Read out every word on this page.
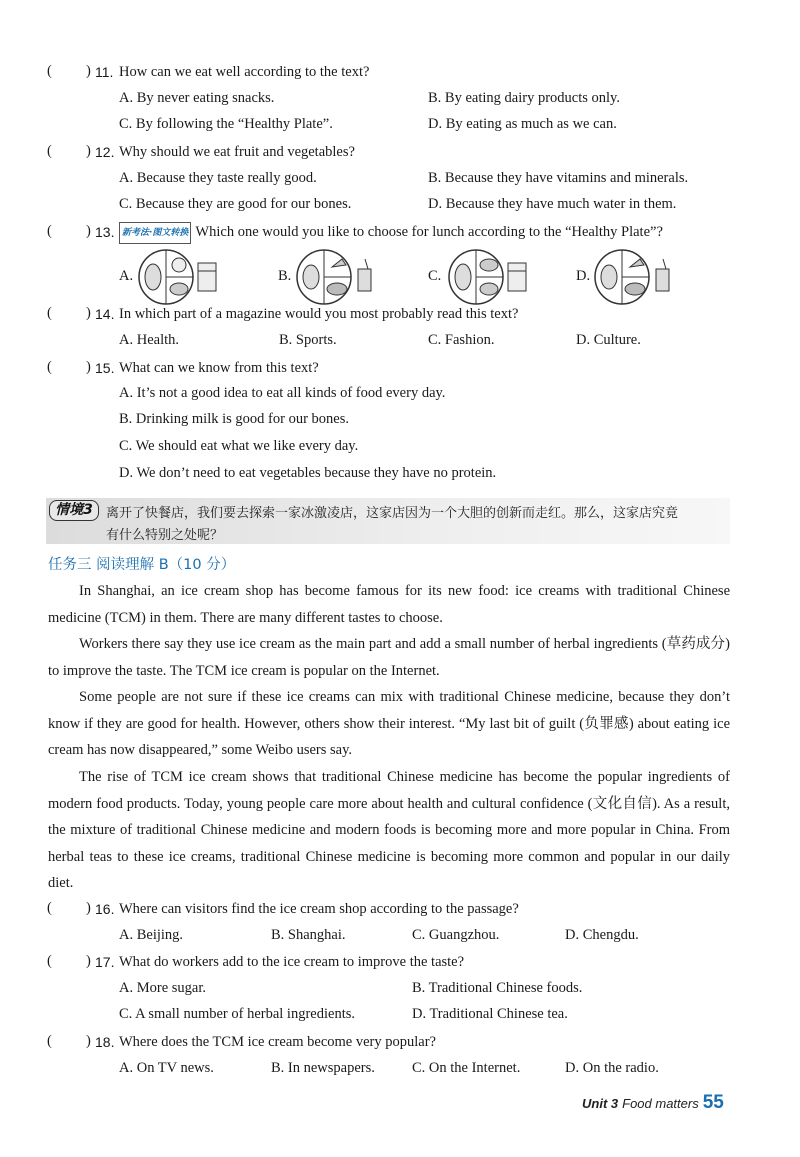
( ) 11. How can we eat well according to the text?
A. By never eating snacks.	B. By eating dairy products only.
C. By following the “Healthy Plate”.	D. By eating as much as we can.
( ) 12. Why should we eat fruit and vegetables?
A. Because they taste really good.	B. Because they have vitamins and minerals.
C. Because they are good for our bones.	D. Because they have much water in them.
( ) 13. 新考法·图文转换 Which one would you like to choose for lunch according to the “Healthy Plate”?
A.	B.	C.	D.
( ) 14. In which part of a magazine would you most probably read this text?
A. Health.	B. Sports.	C. Fashion.	D. Culture.
( ) 15. What can we know from this text?
A. It’s not a good idea to eat all kinds of food every day.
B. Drinking milk is good for our bones.
C. We should eat what we like every day.
D. We don’t need to eat vegetables because they have no protein.
情境3	离开了快餐店，我们要去探索一家冰激凌店，这家店因为一个大胆的创新而走红。那么，这家店究竟
有什么特别之处呢？
任务三 阅读理解 B（10 分）
In Shanghai, an ice cream shop has become famous for its new food: ice creams with traditional Chinese medicine (TCM) in them. There are many different tastes to choose.
Workers there say they use ice cream as the main part and add a small number of herbal ingredients (草药成分) to improve the taste. The TCM ice cream is popular on the Internet.
Some people are not sure if these ice creams can mix with traditional Chinese medicine, because they don’t know if they are good for health. However, others show their interest. “My last bit of guilt (负罪感) about eating ice cream has now disappeared,” some Weibo users say.
The rise of TCM ice cream shows that traditional Chinese medicine has become the popular ingredients of modern food products. Today, young people care more about health and cultural confidence (文化自信). As a result, the mixture of traditional Chinese medicine and modern foods is becoming more and more popular in China. From herbal teas to these ice creams, traditional Chinese medicine is becoming more common and popular in our daily diet.
( ) 16. Where can visitors find the ice cream shop according to the passage?
A. Beijing.	B. Shanghai.	C. Guangzhou.	D. Chengdu.
( ) 17. What do workers add to the ice cream to improve the taste?
A. More sugar.	B. Traditional Chinese foods.
C. A small number of herbal ingredients.	D. Traditional Chinese tea.
( ) 18. Where does the TCM ice cream become very popular?
A. On TV news.	B. In newspapers.	C. On the Internet.	D. On the radio.
Unit 3 Food matters 55
